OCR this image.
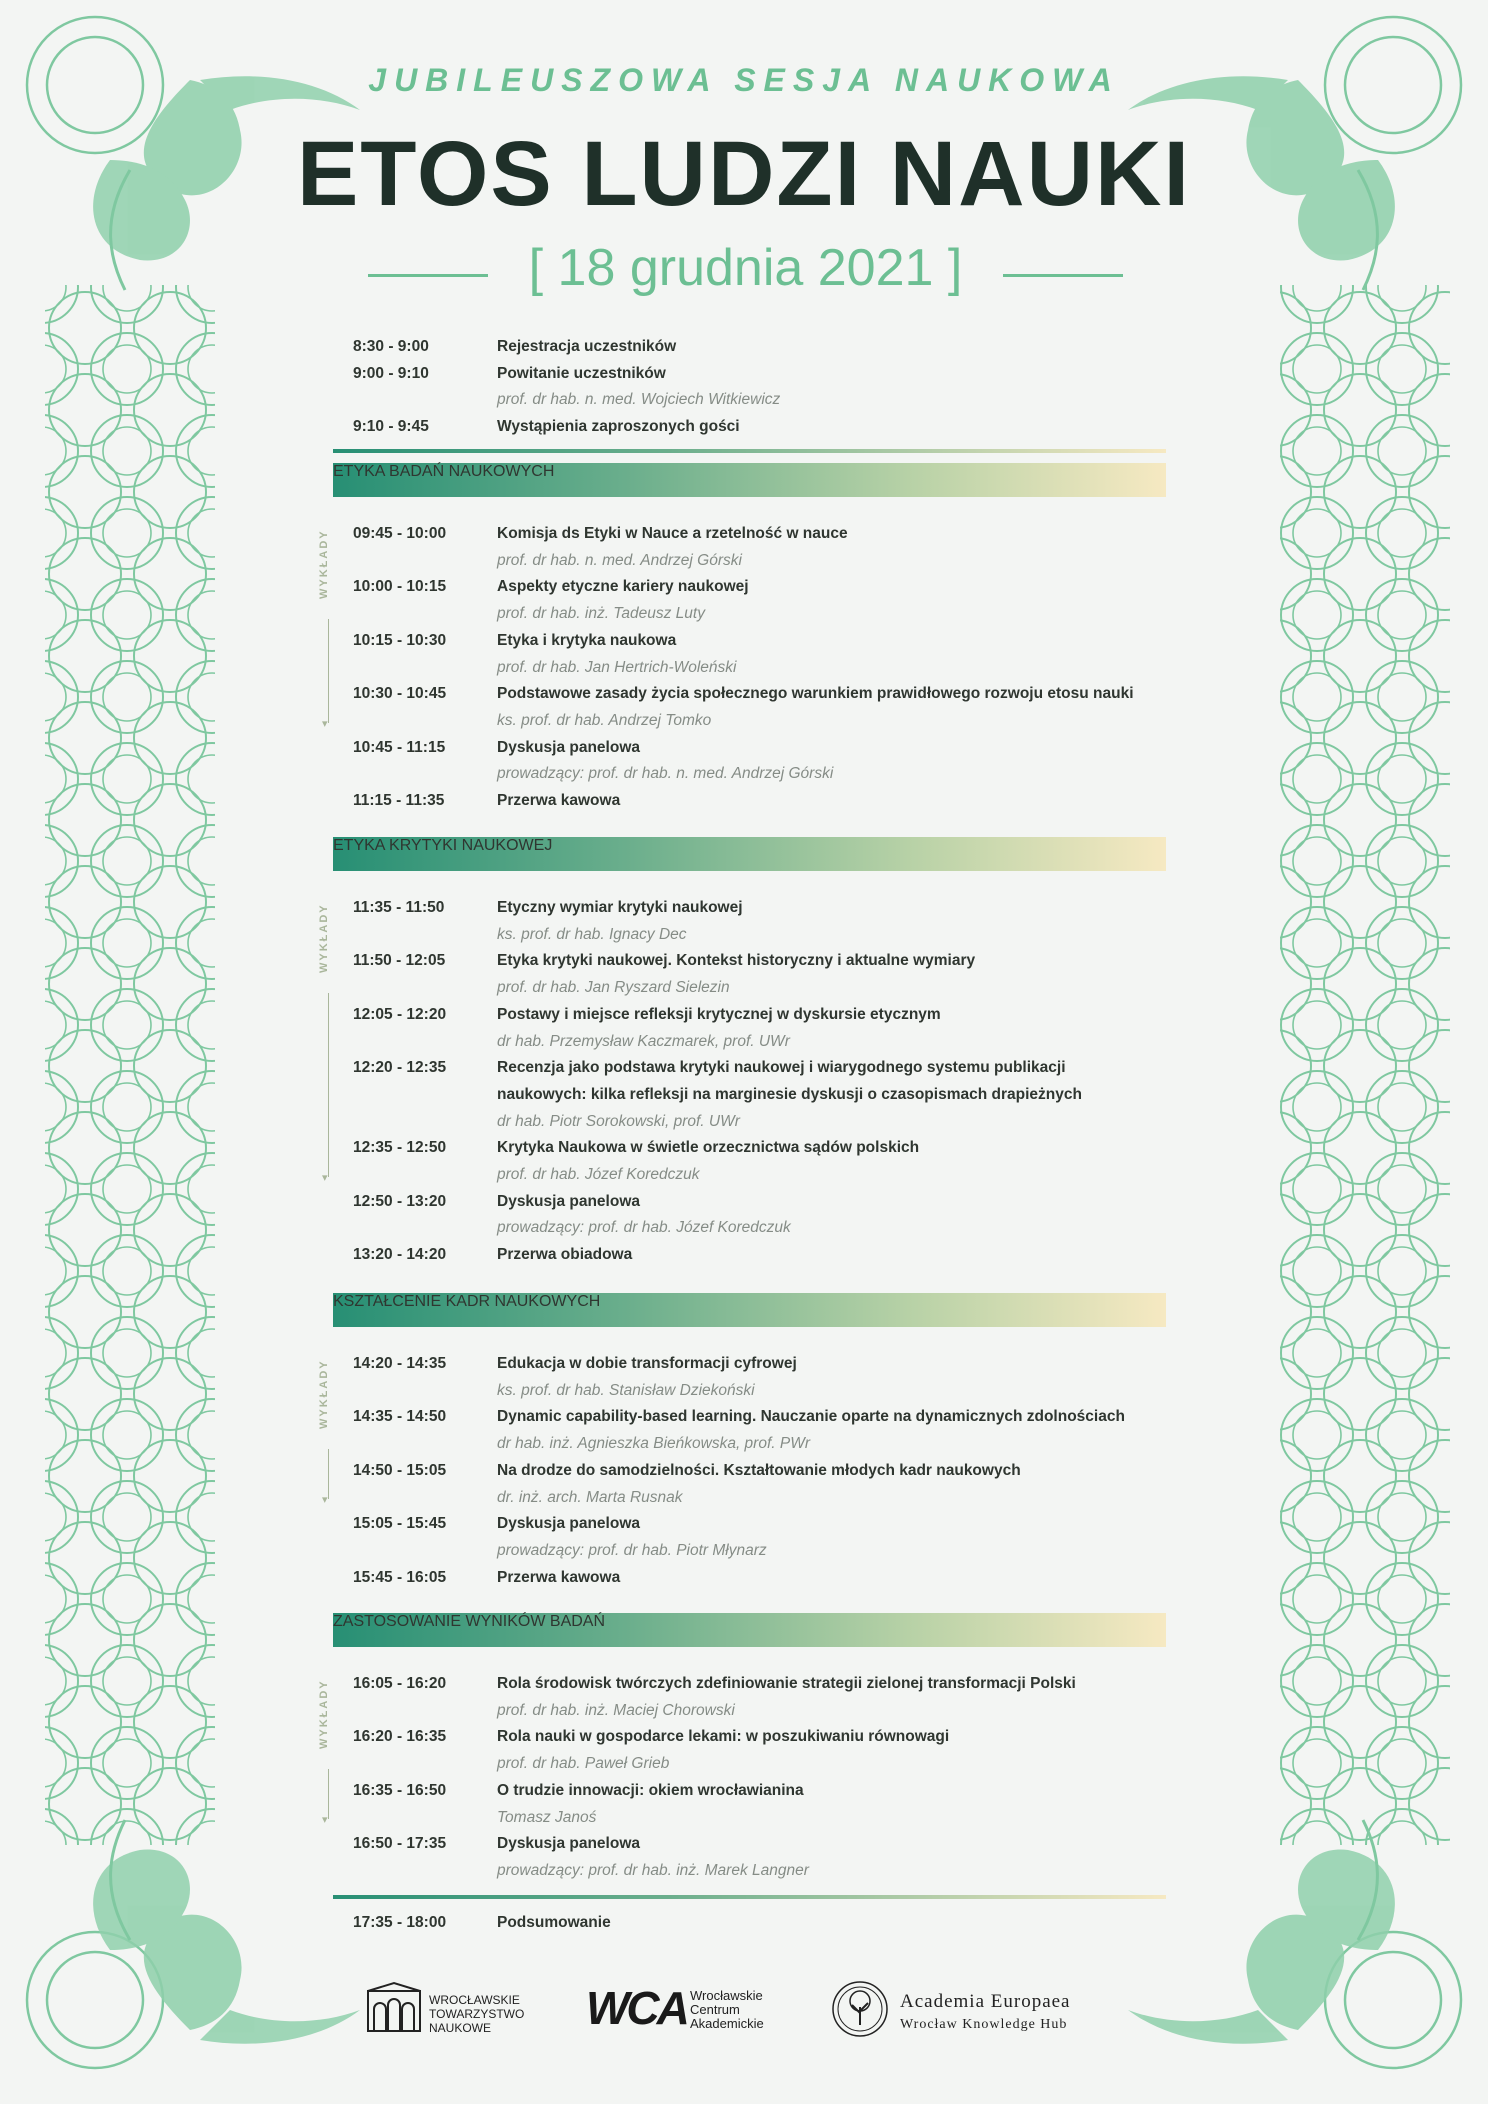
JUBILEUSZOWA SESJA NAUKOWA
ETOS LUDZI NAUKI
[ 18 grudnia 2021 ]
8:30 - 9:00	Rejestracja uczestników
9:00 - 9:10	Powitanie uczestników
prof. dr hab. n. med. Wojciech Witkiewicz
9:10 - 9:45	Wystąpienia zaproszonych gości
ETYKA BADAŃ NAUKOWYCH
09:45 - 10:00	Komisja ds Etyki w Nauce a rzetelność w nauce
prof. dr hab. n. med. Andrzej Górski
10:00 - 10:15	Aspekty etyczne kariery naukowej
prof. dr hab. inż. Tadeusz Luty
10:15 - 10:30	Etyka i krytyka naukowa
prof. dr hab. Jan Hertrich-Woleński
10:30 - 10:45	Podstawowe zasady życia społecznego warunkiem prawidłowego rozwoju etosu nauki
ks. prof. dr hab. Andrzej Tomko
10:45 - 11:15	Dyskusja panelowa
prowadzący: prof. dr hab. n. med. Andrzej Górski
11:15 - 11:35	Przerwa kawowa
WYKŁADY
▾
ETYKA KRYTYKI NAUKOWEJ
11:35 - 11:50	Etyczny wymiar krytyki naukowej
ks. prof. dr hab. Ignacy Dec
11:50 - 12:05	Etyka krytyki naukowej. Kontekst historyczny i aktualne wymiary
prof. dr hab. Jan Ryszard Sielezin
12:05 - 12:20	Postawy i miejsce refleksji krytycznej w dyskursie etycznym
dr hab. Przemysław Kaczmarek, prof. UWr
12:20 - 12:35	Recenzja jako podstawa krytyki naukowej i wiarygodnego systemu publikacji
naukowych: kilka refleksji na marginesie dyskusji o czasopismach drapieżnych
dr hab. Piotr Sorokowski, prof. UWr
12:35 - 12:50	Krytyka Naukowa w świetle orzecznictwa sądów polskich
prof. dr hab. Józef Koredczuk
12:50 - 13:20	Dyskusja panelowa
prowadzący: prof. dr hab. Józef Koredczuk
13:20 - 14:20	Przerwa obiadowa
WYKŁADY
▾
KSZTAŁCENIE KADR NAUKOWYCH
14:20 - 14:35	Edukacja w dobie transformacji cyfrowej
ks. prof. dr hab. Stanisław Dziekoński
14:35 - 14:50	Dynamic capability-based learning. Nauczanie oparte na dynamicznych zdolnościach
dr hab. inż. Agnieszka Bieńkowska, prof. PWr
14:50 - 15:05	Na drodze do samodzielności. Kształtowanie młodych kadr naukowych
dr. inż. arch. Marta Rusnak
15:05 - 15:45	Dyskusja panelowa
prowadzący: prof. dr hab. Piotr Młynarz
15:45 - 16:05	Przerwa kawowa
WYKŁADY
▾
ZASTOSOWANIE WYNIKÓW BADAŃ
16:05 - 16:20	Rola środowisk twórczych zdefiniowanie strategii zielonej transformacji Polski
prof. dr hab. inż. Maciej Chorowski
16:20 - 16:35	Rola nauki w gospodarce lekami: w poszukiwaniu równowagi
prof. dr hab. Paweł Grieb
16:35 - 16:50	O trudzie innowacji: okiem wrocławianina
Tomasz Janoś
16:50 - 17:35	Dyskusja panelowa
prowadzący: prof. dr hab. inż. Marek Langner
WYKŁADY
▾
17:35 - 18:00	Podsumowanie
WROCŁAWSKIE
TOWARZYSTWO
NAUKOWE	WCA Wrocławskie
Centrum
Akademickie
Academia Europaea
Wrocław Knowledge Hub
